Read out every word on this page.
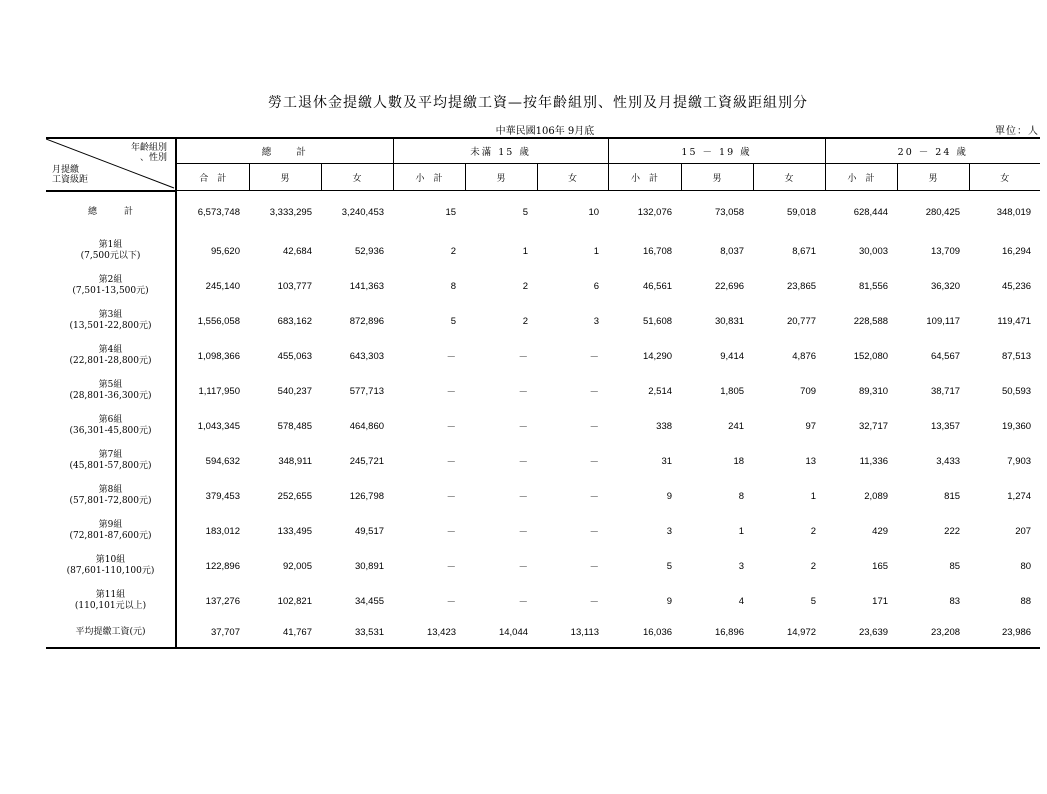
勞工退休金提繳人數及平均提繳工資—按年齡組別、性別及月提繳工資級距組別分
中華民國106年 9月底	單位：人
年齡組別
、性別
月提繳
工資級距	總　　計			未滿 15 歲			15 － 19 歲			20 － 24 歲		
	合　計	男	女	小　計	男	女	小　計	男	女	小　計	男	女

總　　　計	6,573,748	3,333,295	3,240,453	15	5	10	132,076	73,058	59,018	628,444	280,425	348,019

第1組
(7,500元以下)	95,620	42,684	52,936	2	1	1	16,708	8,037	8,671	30,003	13,709	16,294

第2組
(7,501-13,500元)	245,140	103,777	141,363	8	2	6	46,561	22,696	23,865	81,556	36,320	45,236

第3組
(13,501-22,800元)	1,556,058	683,162	872,896	5	2	3	51,608	30,831	20,777	228,588	109,117	119,471

第4組
(22,801-28,800元)	1,098,366	455,063	643,303	－	－	－	14,290	9,414	4,876	152,080	64,567	87,513

第5組
(28,801-36,300元)	1,117,950	540,237	577,713	－	－	－	2,514	1,805	709	89,310	38,717	50,593

第6組
(36,301-45,800元)	1,043,345	578,485	464,860	－	－	－	338	241	97	32,717	13,357	19,360

第7組
(45,801-57,800元)	594,632	348,911	245,721	－	－	－	31	18	13	11,336	3,433	7,903

第8組
(57,801-72,800元)	379,453	252,655	126,798	－	－	－	9	8	1	2,089	815	1,274

第9組
(72,801-87,600元)	183,012	133,495	49,517	－	－	－	3	1	2	429	222	207

第10組
(87,601-110,100元)	122,896	92,005	30,891	－	－	－	5	3	2	165	85	80

第11組
(110,101元以上)	137,276	102,821	34,455	－	－	－	9	4	5	171	83	88

平均提繳工資(元)	37,707	41,767	33,531	13,423	14,044	13,113	16,036	16,896	14,972	23,639	23,208	23,986
